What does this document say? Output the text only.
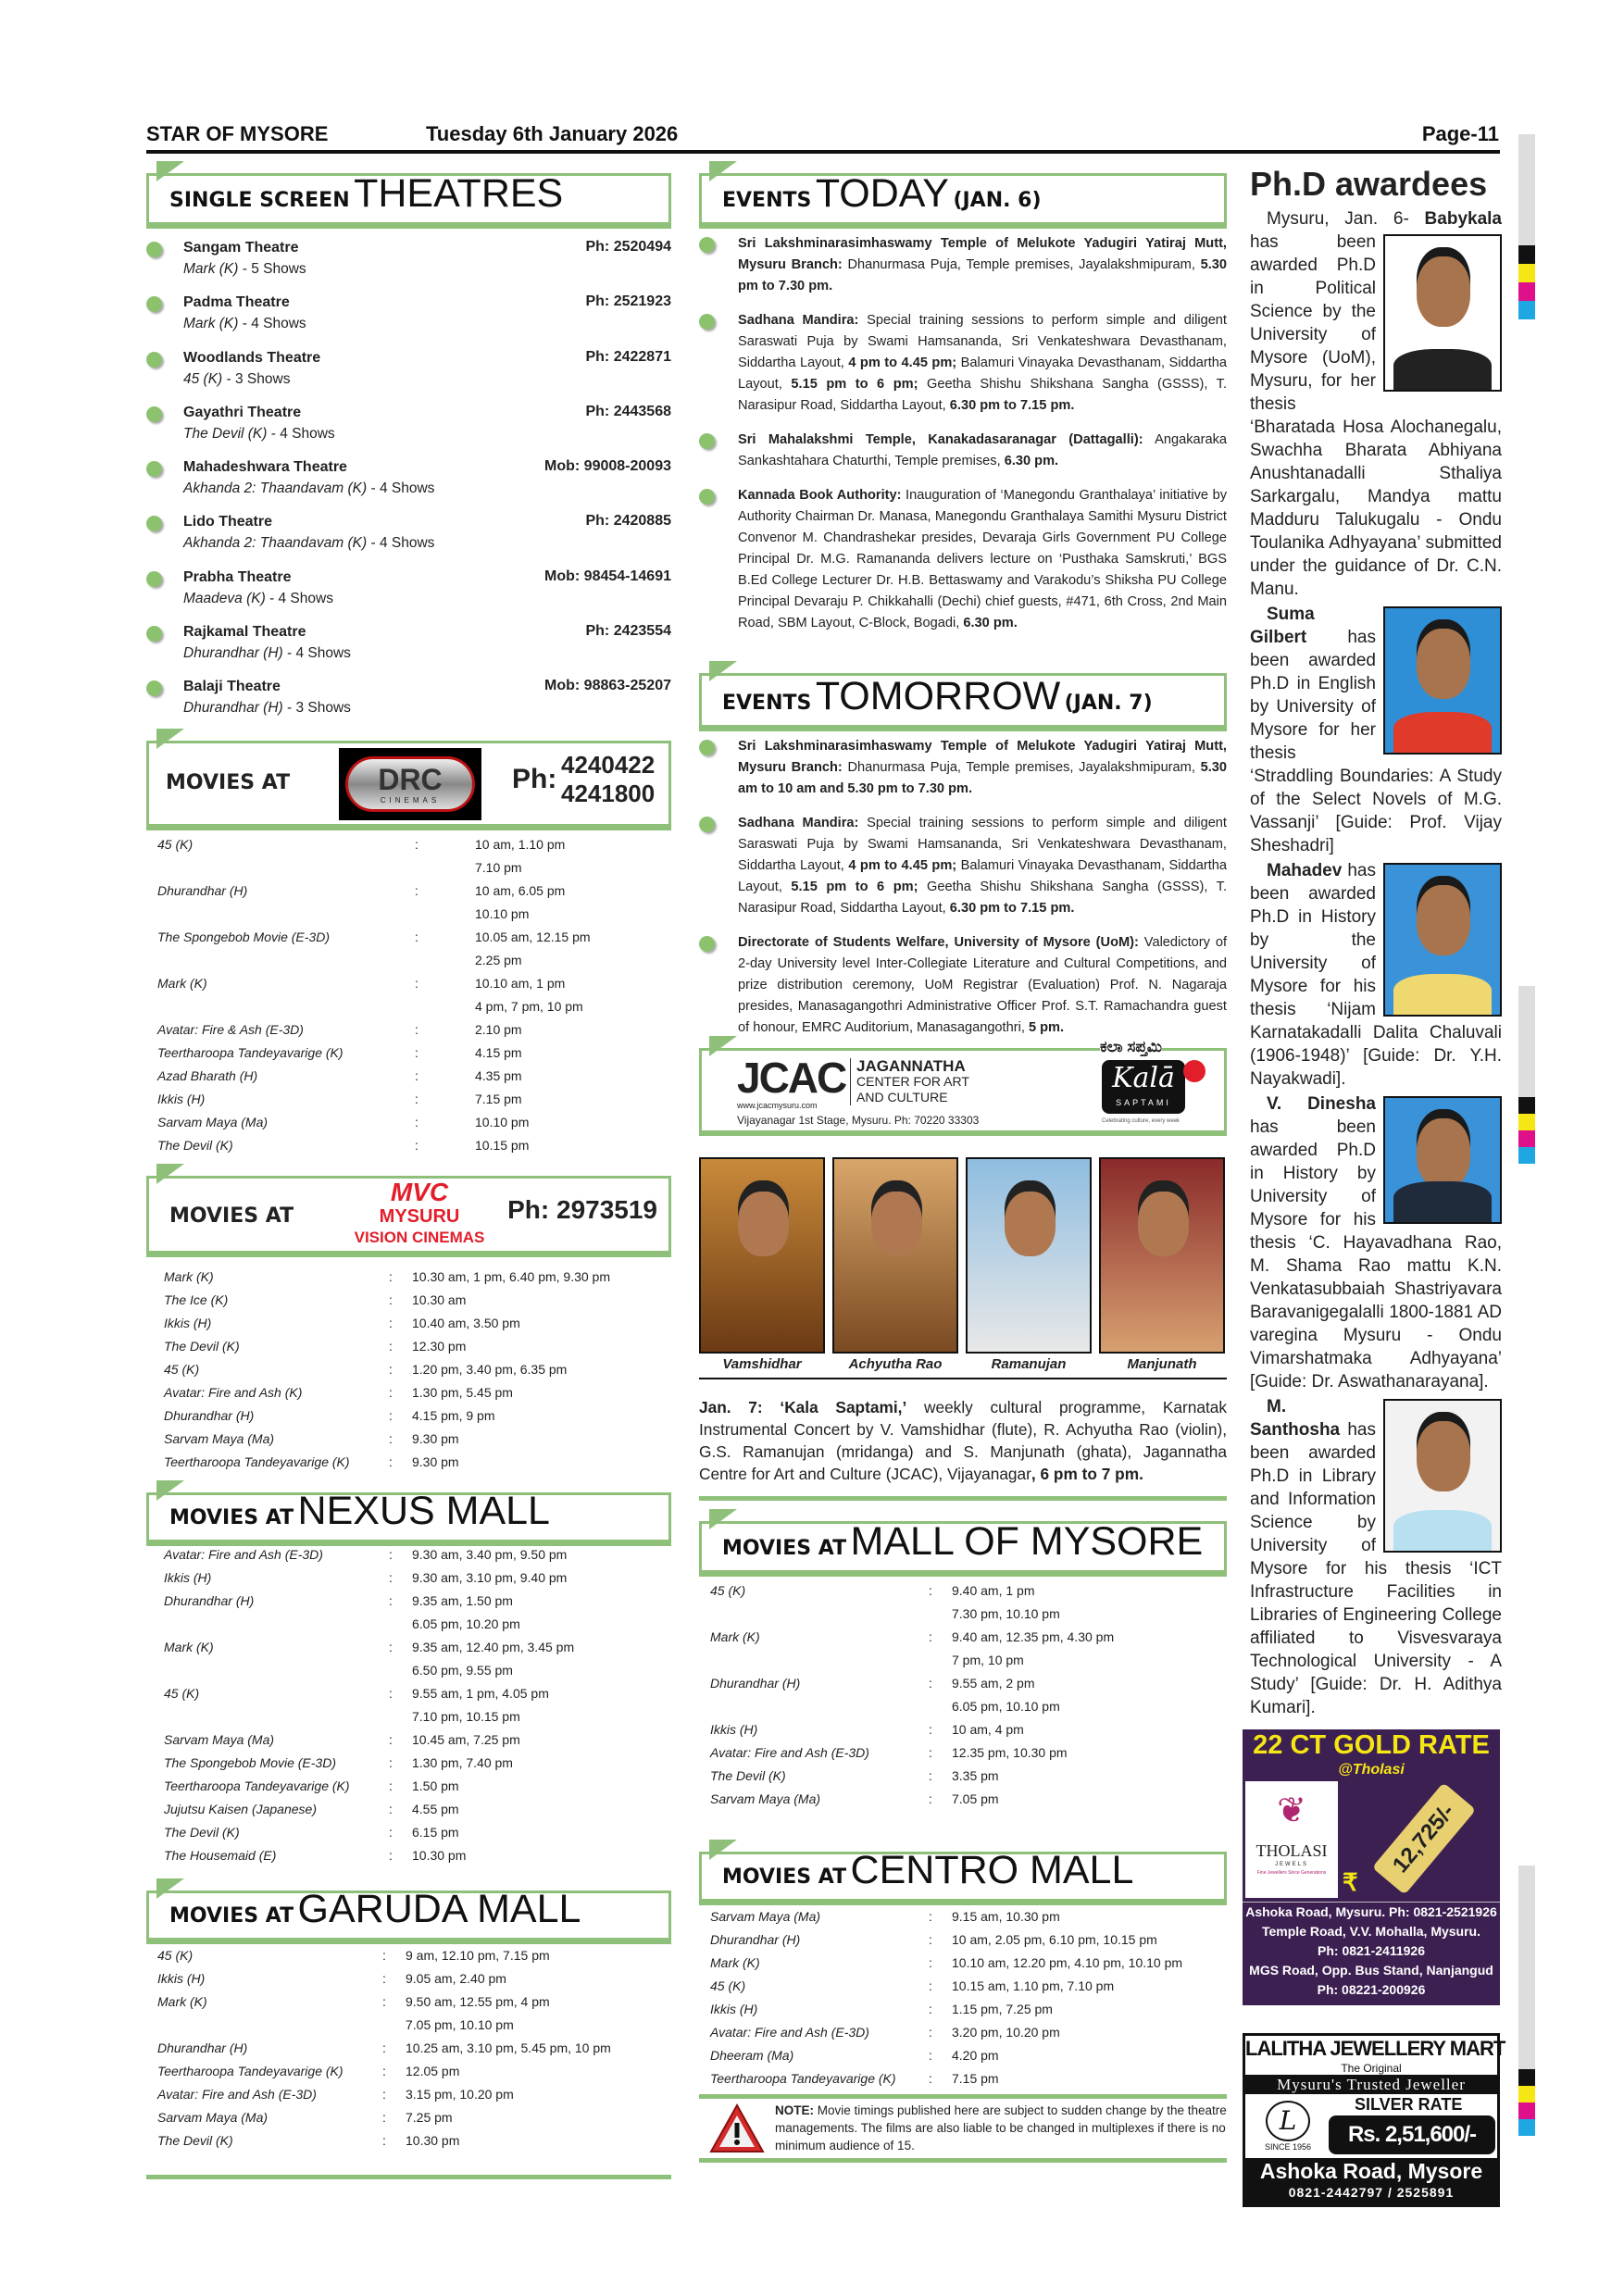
STAR OF MYSORE	Tuesday 6th January 2026	Page-11
SINGLE SCREEN THEATRES
Sangam Theatre	Ph: 2520494
Mark (K) - 5 Shows
Padma Theatre	Ph: 2521923
Mark (K) - 4 Shows
Woodlands Theatre	Ph: 2422871
45 (K) - 3 Shows
Gayathri Theatre	Ph: 2443568
The Devil (K) - 4 Shows
Mahadeshwara Theatre	Mob: 99008-20093
Akhanda 2: Thaandavam (K) - 4 Shows
Lido Theatre	Ph: 2420885
Akhanda 2: Thaandavam (K) - 4 Shows
Prabha Theatre	Mob: 98454-14691
Maadeva (K) - 4 Shows
Rajkamal Theatre	Ph: 2423554
Dhurandhar (H) - 4 Shows
Balaji Theatre	Mob: 98863-25207
Dhurandhar (H) - 3 Shows
MOVIES AT	DRC
CINEMAS
Ph: 4240422
4241800
45 (K)	:	10 am, 1.10 pm
7.10 pm
Dhurandhar (H)	:	10 am, 6.05 pm
10.10 pm
The Spongebob Movie (E-3D)	:	10.05 am, 12.15 pm
2.25 pm
Mark (K)	:	10.10 am, 1 pm
4 pm, 7 pm, 10 pm
Avatar: Fire & Ash (E-3D)	:	2.10 pm
Teertharoopa Tandeyavarige (K)	:	4.15 pm
Azad Bharath (H)	:	4.35 pm
Ikkis (H)	:	7.15 pm
Sarvam Maya (Ma)	:	10.10 pm
The Devil (K)	:	10.15 pm
MOVIES AT
MVC
MYSURU
VISION CINEMAS
Ph: 2973519
Mark (K)	: 10.30 am, 1 pm, 6.40 pm, 9.30 pm
The Ice (K)	: 10.30 am
Ikkis (H)	: 10.40 am, 3.50 pm
The Devil (K)	: 12.30 pm
45 (K)	: 1.20 pm, 3.40 pm, 6.35 pm
Avatar: Fire and Ash (K)	: 1.30 pm, 5.45 pm
Dhurandhar (H)	: 4.15 pm, 9 pm
Sarvam Maya (Ma)	: 9.30 pm
Teertharoopa Tandeyavarige (K)	: 9.30 pm
MOVIES AT NEXUS MALL
Avatar: Fire and Ash (E-3D)	: 9.30 am, 3.40 pm, 9.50 pm
Ikkis (H)	: 9.30 am, 3.10 pm, 9.40 pm
Dhurandhar (H)	: 9.35 am, 1.50 pm
6.05 pm, 10.20 pm
Mark (K)	: 9.35 am, 12.40 pm, 3.45 pm
6.50 pm, 9.55 pm
45 (K)	: 9.55 am, 1 pm, 4.05 pm
7.10 pm, 10.15 pm
Sarvam Maya (Ma)	: 10.45 am, 7.25 pm
The Spongebob Movie (E-3D)	: 1.30 pm, 7.40 pm
Teertharoopa Tandeyavarige (K)	: 1.50 pm
Jujutsu Kaisen (Japanese)	: 4.55 pm
The Devil (K)	: 6.15 pm
The Housemaid (E)	: 10.30 pm
MOVIES AT GARUDA MALL
45 (K)	: 9 am, 12.10 pm, 7.15 pm
Ikkis (H)	: 9.05 am, 2.40 pm
Mark (K)	: 9.50 am, 12.55 pm, 4 pm
7.05 pm, 10.10 pm
Dhurandhar (H)	: 10.25 am, 3.10 pm, 5.45 pm, 10 pm
Teertharoopa Tandeyavarige (K)	: 12.05 pm
Avatar: Fire and Ash (E-3D)	: 3.15 pm, 10.20 pm
Sarvam Maya (Ma)	: 7.25 pm
The Devil (K)	: 10.30 pm
EVENTS TODAY (JAN. 6)
Sri Lakshminarasimhaswamy Temple of Melukote Yadugiri Yatiraj Mutt, Mysuru Branch: Dhanurmasa Puja, Temple premises, Jayalakshmipuram, 5.30 pm to 7.30 pm.
Sadhana Mandira: Special training sessions to perform simple and diligent Saraswati Puja by Swami Hamsananda, Sri Venkateshwara Devasthanam, Siddartha Layout, 4 pm to 4.45 pm; Balamuri Vinayaka Devasthanam, Siddartha Layout, 5.15 pm to 6 pm; Geetha Shishu Shikshana Sangha (GSSS), T. Narasipur Road, Siddartha Layout, 6.30 pm to 7.15 pm.
Sri Mahalakshmi Temple, Kanakadasaranagar (Dattagalli): Angakaraka Sankashtahara Chaturthi, Temple premises, 6.30 pm.
Kannada Book Authority: Inauguration of ‘Manegondu Granthalaya’ initiative by Authority Chairman Dr. Manasa, Manegondu Granthalaya Samithi Mysuru District Convenor M. Chandrashekar presides, Devaraja Girls Government PU College Principal Dr. M.G. Ramananda delivers lecture on ‘Pusthaka Samskruti,’ BGS B.Ed College Lecturer Dr. H.B. Bettaswamy and Varakodu’s Shiksha PU College Principal Devaraju P. Chikkahalli (Dechi) chief guests, #471, 6th Cross, 2nd Main Road, SBM Layout, C-Block, Bogadi, 6.30 pm.
EVENTS TOMORROW (JAN. 7)
Sri Lakshminarasimhaswamy Temple of Melukote Yadugiri Yatiraj Mutt, Mysuru Branch: Dhanurmasa Puja, Temple premises, Jayalakshmipuram, 5.30 am to 10 am and 5.30 pm to 7.30 pm.
Sadhana Mandira: Special training sessions to perform simple and diligent Saraswati Puja by Swami Hamsananda, Sri Venkateshwara Devasthanam, Siddartha Layout, 4 pm to 4.45 pm; Balamuri Vinayaka Devasthanam, Siddartha Layout, 5.15 pm to 6 pm; Geetha Shishu Shikshana Sangha (GSSS), T. Narasipur Road, Siddartha Layout, 6.30 pm to 7.15 pm.
Directorate of Students Welfare, University of Mysore (UoM): Valedictory of 2-day University level Inter-Collegiate Literature and Cultural Competitions, and prize distribution ceremony, UoM Registrar (Evaluation) Prof. N. Nagaraja presides, Manasagangothri Administrative Officer Prof. S.T. Ramachandra guest of honour, EMRC Auditorium, Manasagangothri, 5 pm.
JCAC
www.jcacmysuru.com
JAGANNATHA
CENTER FOR ART
AND CULTURE
Vijayanagar 1st Stage, Mysuru. Ph: 70220 33303
ಕಲಾ ಸಪ್ತಮಿ
Kalā
SAPTAMI
Celebrating culture, every week
Vamshidhar	Achyutha Rao	Ramanujan	Manjunath
Jan. 7: ‘Kala Saptami,’ weekly cultural programme, Karnatak Instrumental Concert by V. Vamshidhar (flute), R. Achyutha Rao (violin), G.S. Ramanujan (mridanga) and S. Manjunath (ghata), Jagannatha Centre for Art and Culture (JCAC), Vijayanagar, 6 pm to 7 pm.
MOVIES AT MALL OF MYSORE
45 (K)	: 9.40 am, 1 pm
7.30 pm, 10.10 pm
Mark (K)	: 9.40 am, 12.35 pm, 4.30 pm
7 pm, 10 pm
Dhurandhar (H)	: 9.55 am, 2 pm
6.05 pm, 10.10 pm
Ikkis (H)	: 10 am, 4 pm
Avatar: Fire and Ash (E-3D)	: 12.35 pm, 10.30 pm
The Devil (K)	: 3.35 pm
Sarvam Maya (Ma)	: 7.05 pm
MOVIES AT CENTRO MALL
Sarvam Maya (Ma)	: 9.15 am, 10.30 pm
Dhurandhar (H)	: 10 am, 2.05 pm, 6.10 pm, 10.15 pm
Mark (K)	: 10.10 am, 12.20 pm, 4.10 pm, 10.10 pm
45 (K)	: 10.15 am, 1.10 pm, 7.10 pm
Ikkis (H)	: 1.15 pm, 7.25 pm
Avatar: Fire and Ash (E-3D)	: 3.20 pm, 10.20 pm
Dheeram (Ma)	: 4.20 pm
Teertharoopa Tandeyavarige (K)	: 7.15 pm
NOTE: Movie timings published here are subject to sudden change by the theatre managements. The films are also liable to be changed in multiplexes if there is no minimum audience of 15.
Ph.D awardees

Mysuru, Jan. 6-
Babykala has been awarded Ph.D in Political Science by the University of Mysore (UoM), Mysuru, for her thesis ‘Bharatada Hosa Alochanegalu, Swachha Bharata Abhiyana Anushtanadalli Sthaliya Sarkargalu, Mandya mattu Madduru Talukugalu - Ondu Toulanika Adhyayana’ submitted under the guidance of Dr. C.N. Manu.

Suma Gilbert has been awarded Ph.D in English by University of Mysore for her thesis ‘Straddling Boundaries: A Study of the Select Novels of M.G. Vassanji’ [Guide: Prof. Vijay Sheshadri]

Mahadev has been awarded Ph.D in History by the University of Mysore for his thesis ‘Nijam Karnatakadalli Dalita Chaluvali (1906-1948)’ [Guide: Dr. Y.H. Nayakwadi].

V. Dinesha has been awarded Ph.D in History by University of Mysore for his thesis ‘C. Hayavadhana Rao, M. Shama Rao mattu K.N. Venkatasubbaiah Shastriyavara Baravanigegalalli 1800-1881 AD varegina Mysuru - Ondu Vimarshatmaka Adhyayana’ [Guide: Dr. Aswathanarayana].

M. Santhosha has been awarded Ph.D in Library and Information Science by University of Mysore for his thesis ‘ICT Infrastructure Facilities in Libraries of Engineering College affiliated to Visvesvaraya Technological University - A Study’ [Guide: Dr. H. Adithya Kumari].

22 CT GOLD RATE
@Tholasi
❦
THOLASI
JEWELS
Fine Jewellers Since Generations ₹
12,725/-
Ashoka Road, Mysuru. Ph: 0821-2521926
Temple Road, V.V. Mohalla, Mysuru.
Ph: 0821-2411926
MGS Road, Opp. Bus Stand, Nanjangud
Ph: 08221-200926
LALITHA JEWELLERY MART
The Original
Mysuru's Trusted Jeweller
L
SINCE 1956
SILVER RATE
Rs. 2,51,600/-
Ashoka Road, Mysore
0821-2442797 / 2525891
